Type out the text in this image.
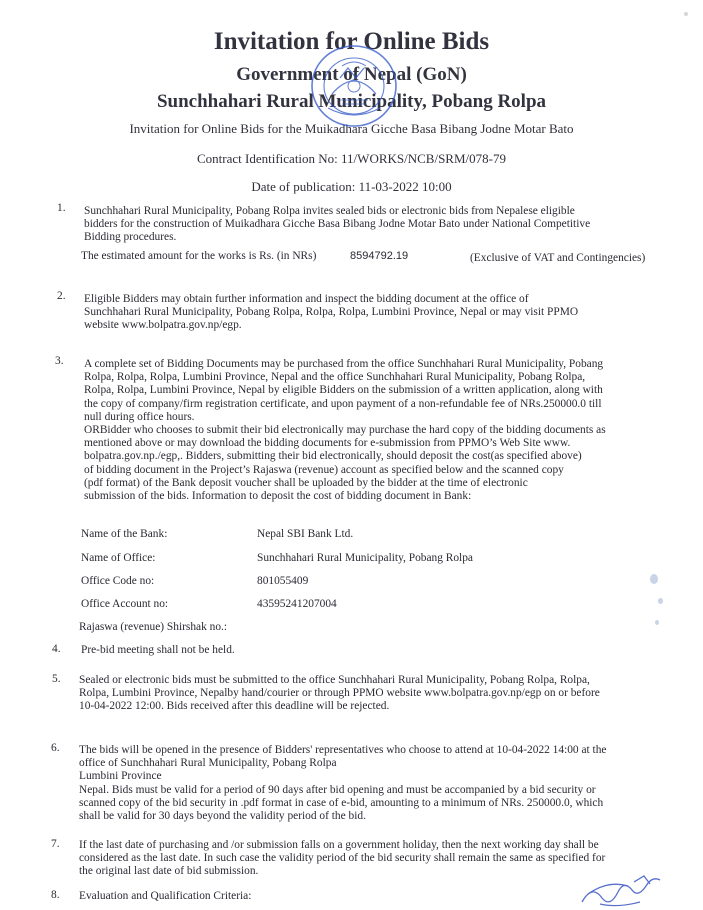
Invitation for Online Bids
Government of Nepal (GoN)
Sunchhahari Rural Municipality, Pobang Rolpa
Invitation for Online Bids for the Muikadhara Gicche Basa Bibang Jodne Motar Bato
Contract Identification No: 11/WORKS/NCB/SRM/078-79
Date of publication: 11-03-2022 10:00
1. Sunchhahari Rural Municipality, Pobang Rolpa invites sealed bids or electronic bids from Nepalese eligible
bidders for the construction of Muikadhara Gicche Basa Bibang Jodne Motar Bato under National Competitive
Bidding procedures.
The estimated amount for the works is Rs. (in NRs)	8594792.19	(Exclusive of VAT and Contingencies)
2. Eligible Bidders may obtain further information and inspect the bidding document at the office of
Sunchhahari Rural Municipality, Pobang Rolpa, Rolpa, Rolpa, Lumbini Province, Nepal or may visit PPMO
website www.bolpatra.gov.np/egp.
3. A complete set of Bidding Documents may be purchased from the office Sunchhahari Rural Municipality, Pobang
Rolpa, Rolpa, Rolpa, Lumbini Province, Nepal and the office Sunchhahari Rural Municipality, Pobang Rolpa,
Rolpa, Rolpa, Lumbini Province, Nepal by eligible Bidders on the submission of a written application, along with
the copy of company/firm registration certificate, and upon payment of a non-refundable fee of NRs.250000.0 till
null during office hours.
ORBidder who chooses to submit their bid electronically may purchase the hard copy of the bidding documents as
mentioned above or may download the bidding documents for e-submission from PPMO’s Web Site www.
bolpatra.gov.np./egp,. Bidders, submitting their bid electronically, should deposit the cost(as specified above)
of bidding document in the Project’s Rajaswa (revenue) account as specified below and the scanned copy
(pdf format) of the Bank deposit voucher shall be uploaded by the bidder at the time of electronic
submission of the bids. Information to deposit the cost of bidding document in Bank:
Name of the Bank:	Nepal SBI Bank Ltd.
Name of Office:	Sunchhahari Rural Municipality, Pobang Rolpa
Office Code no:	801055409
Office Account no:	43595241207004
Rajaswa (revenue) Shirshak no.:
4. Pre-bid meeting shall not be held.
5. Sealed or electronic bids must be submitted to the office Sunchhahari Rural Municipality, Pobang Rolpa, Rolpa,
Rolpa, Lumbini Province, Nepalby hand/courier or through PPMO website www.bolpatra.gov.np/egp on or before
10-04-2022 12:00. Bids received after this deadline will be rejected.
6. The bids will be opened in the presence of Bidders' representatives who choose to attend at 10-04-2022 14:00 at the
office of Sunchhahari Rural Municipality, Pobang Rolpa
Lumbini Province
Nepal. Bids must be valid for a period of 90 days after bid opening and must be accompanied by a bid security or
scanned copy of the bid security in .pdf format in case of e-bid, amounting to a minimum of NRs. 250000.0, which
shall be valid for 30 days beyond the validity period of the bid.
7. If the last date of purchasing and /or submission falls on a government holiday, then the next working day shall be
considered as the last date. In such case the validity period of the bid security shall remain the same as specified for
the original last date of bid submission.
8. Evaluation and Qualification Criteria:
